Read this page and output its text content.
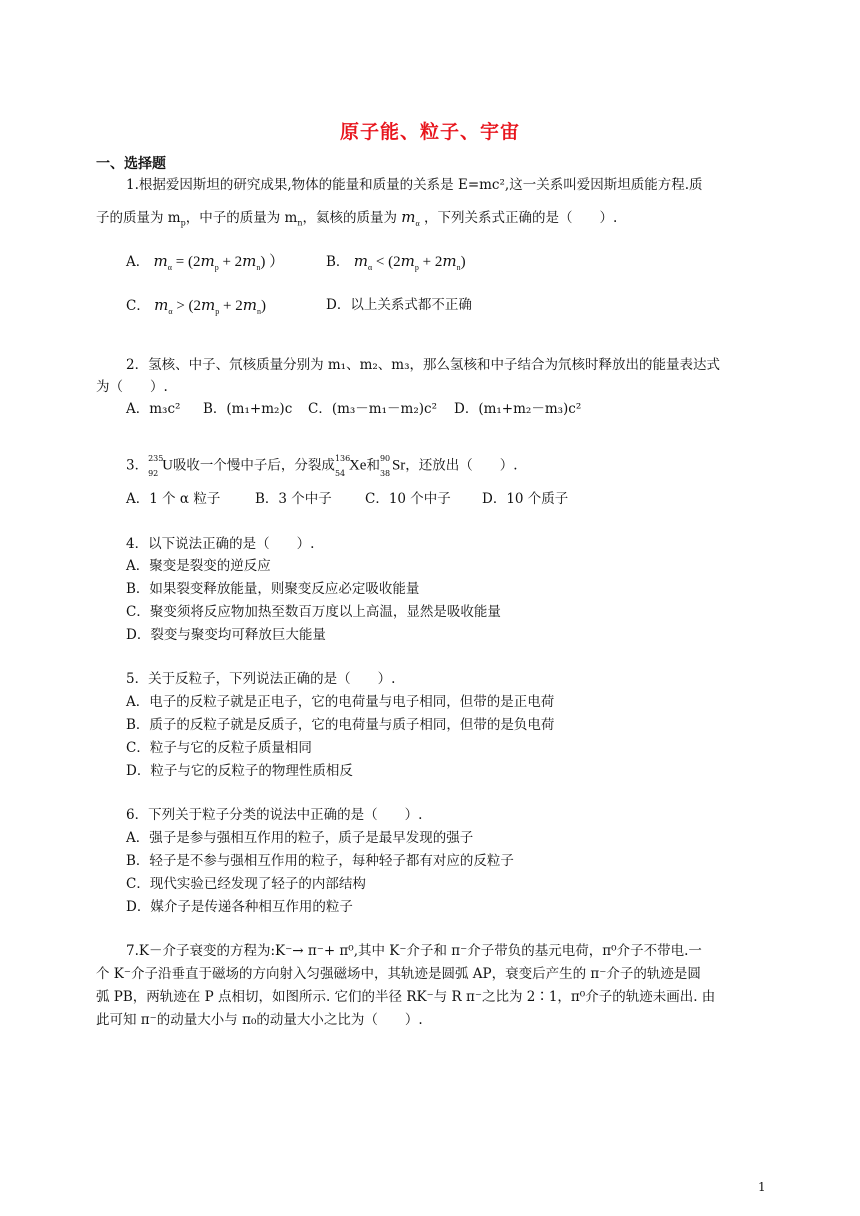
原子能、粒子、宇宙
一、选择题
1.根据爱因斯坦的研究成果,物体的能量和质量的关系是 E=mc²,这一关系叫爱因斯坦质能方程.质
子的质量为 $m_p$，中子的质量为 $m_n$，氦核的质量为 $m_\alpha$ ，下列关系式正确的是（　　）.
A． $m_\alpha = (2m_p + 2m_n)$ ）	B． $m_\alpha < (2m_p + 2m_n)$
C． $m_\alpha > (2m_p + 2m_n)$	D．以上关系式都不正确
2．氢核、中子、氘核质量分别为 m₁、m₂、m₃，那么氢核和中子结合为氘核时释放出的能量表达式
为（　　）.
A．m₃c² B．(m₁+m₂)c C．(m₃－m₁－m₂)c² D．(m₁+m₂－m₃)c²
3． 235
92 U吸收一个慢中子后，分裂成 136
54 Xe和 90
38 Sr，还放出（　　）.
A．1 个 α 粒子	B．3 个中子 C．10 个中子 D．10 个质子
4．以下说法正确的是（　　）.
A．聚变是裂变的逆反应
B．如果裂变释放能量，则聚变反应必定吸收能量
C．聚变须将反应物加热至数百万度以上高温，显然是吸收能量
D．裂变与聚变均可释放巨大能量
5．关于反粒子，下列说法正确的是（　　）.
A．电子的反粒子就是正电子，它的电荷量与电子相同，但带的是正电荷
B．质子的反粒子就是反质子，它的电荷量与质子相同，但带的是负电荷
C．粒子与它的反粒子质量相同
D．粒子与它的反粒子的物理性质相反
6．下列关于粒子分类的说法中正确的是（　　）.
A．强子是参与强相互作用的粒子，质子是最早发现的强子
B．轻子是不参与强相互作用的粒子，每种轻子都有对应的反粒子
C．现代实验已经发现了轻子的内部结构
D．媒介子是传递各种相互作用的粒子
7.K－介子衰变的方程为:K⁻→ π⁻+ π⁰,其中 K⁻介子和 π⁻介子带负的基元电荷，π⁰介子不带电.一
个 K⁻介子沿垂直于磁场的方向射入匀强磁场中，其轨迹是圆弧 AP，衰变后产生的 π⁻介子的轨迹是圆
弧 PB，两轨迹在 P 点相切，如图所示. 它们的半径 RK⁻与 R π⁻之比为 2∶1，π⁰介子的轨迹未画出. 由
此可知 π⁻的动量大小与 π₀的动量大小之比为（　　）.
1
